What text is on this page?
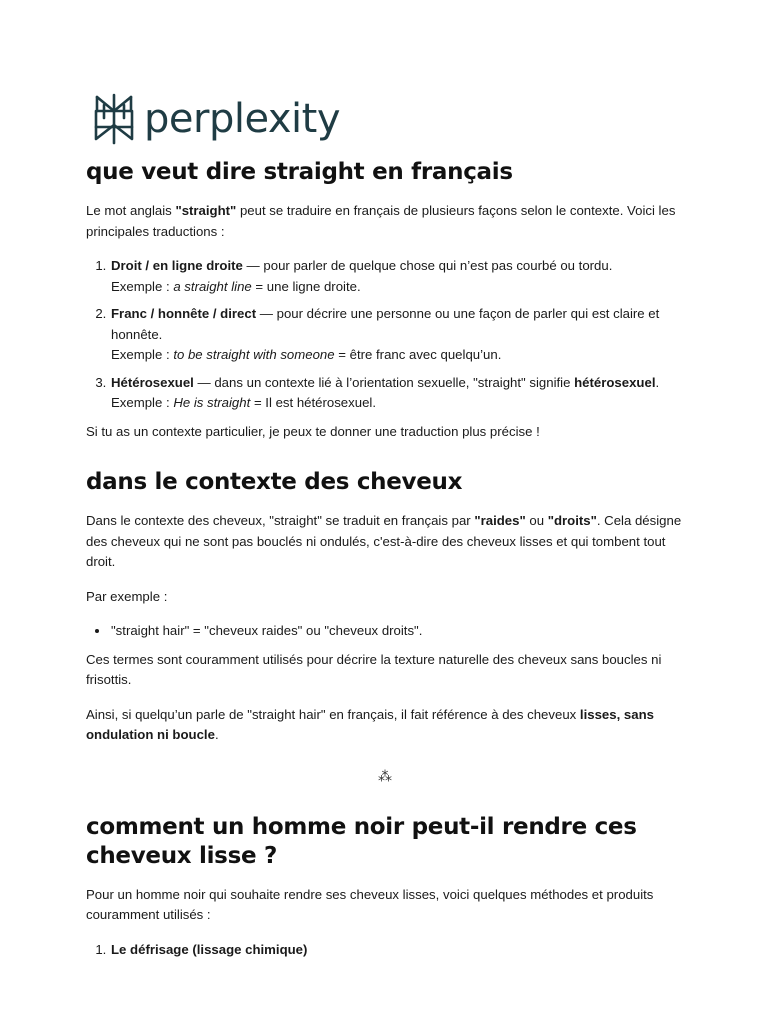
perplexity
que veut dire straight en français

Le mot anglais "straight" peut se traduire en français de plusieurs façons selon le contexte. Voici les principales traductions :

1. Droit / en ligne droite — pour parler de quelque chose qui n’est pas courbé ou tordu.
Exemple : a straight line = une ligne droite.
2. Franc / honnête / direct — pour décrire une personne ou une façon de parler qui est claire et honnête.
Exemple : to be straight with someone = être franc avec quelqu’un.
3. Hétérosexuel — dans un contexte lié à l’orientation sexuelle, "straight" signifie hétérosexuel.
Exemple : He is straight = Il est hétérosexuel.

Si tu as un contexte particulier, je peux te donner une traduction plus précise !

dans le contexte des cheveux

Dans le contexte des cheveux, "straight" se traduit en français par "raides" ou "droits". Cela désigne des cheveux qui ne sont pas bouclés ni ondulés, c'est-à-dire des cheveux lisses et qui tombent tout droit.

Par exemple :

• "straight hair" = "cheveux raides" ou "cheveux droits".

Ces termes sont couramment utilisés pour décrire la texture naturelle des cheveux sans boucles ni frisottis.

Ainsi, si quelqu’un parle de "straight hair" en français, il fait référence à des cheveux lisses, sans ondulation ni boucle.

⁂
comment un homme noir peut-il rendre ces cheveux lisse ?

Pour un homme noir qui souhaite rendre ses cheveux lisses, voici quelques méthodes et produits couramment utilisés :

1. Le défrisage (lissage chimique)
